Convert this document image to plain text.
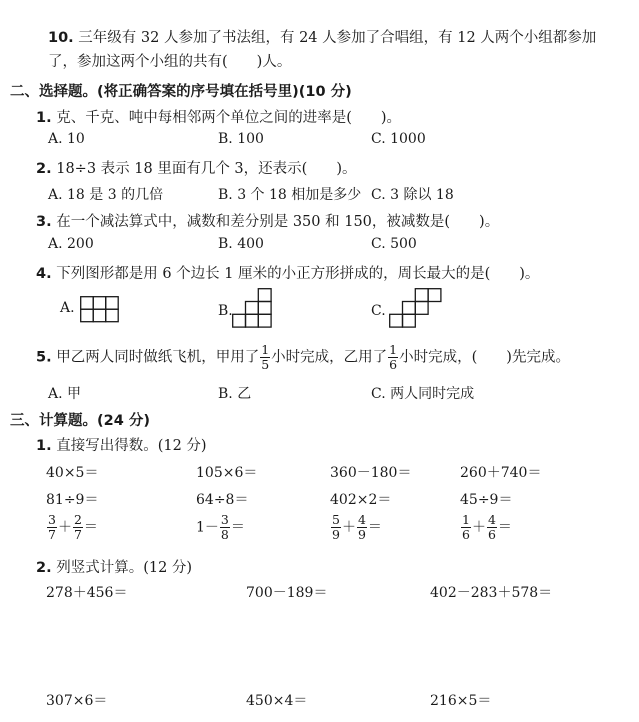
10. 三年级有 32 人参加了书法组，有 24 人参加了合唱组，有 12 人两个小组都参加
了，参加这两个小组的共有(　　)人。
二、选择题。(将正确答案的序号填在括号里)(10 分)
1. 克、千克、吨中每相邻两个单位之间的进率是(　　)。
A. 10	B. 100	C. 1000
2. 18÷3 表示 18 里面有几个 3，还表示(　　)。
A. 18 是 3 的几倍	B. 3 个 18 相加是多少 C. 3 除以 18
3. 在一个减法算式中，减数和差分别是 350 和 150，被减数是(　　)。
A. 200	B. 400	C. 500
4. 下列图形都是用 6 个边长 1 厘米的小正方形拼成的，周长最大的是(　　)。
A.	B.	C.
5. 甲乙两人同时做纸飞机，甲用了 $\frac{1}{5}$ 小时完成，乙用了 $\frac{1}{6}$ 小时完成，(　　)先完成。
A. 甲	B. 乙	C. 两人同时完成
三、计算题。(24 分)
1. 直接写出得数。(12 分)
40×5＝	105×6＝	360－180＝	260＋740＝
81÷9＝	64÷8＝	402×2＝	45÷9＝
$\frac{3}{7} + \frac{2}{7}$ ＝	$1- \frac{3}{8}$ ＝	$\frac{5}{9} + \frac{4}{9}$ ＝	$\frac{1}{6} + \frac{4}{6}$ ＝
2. 列竖式计算。(12 分)
278＋456＝	700－189＝	402－283＋578＝
307×6＝	450×4＝	216×5＝
